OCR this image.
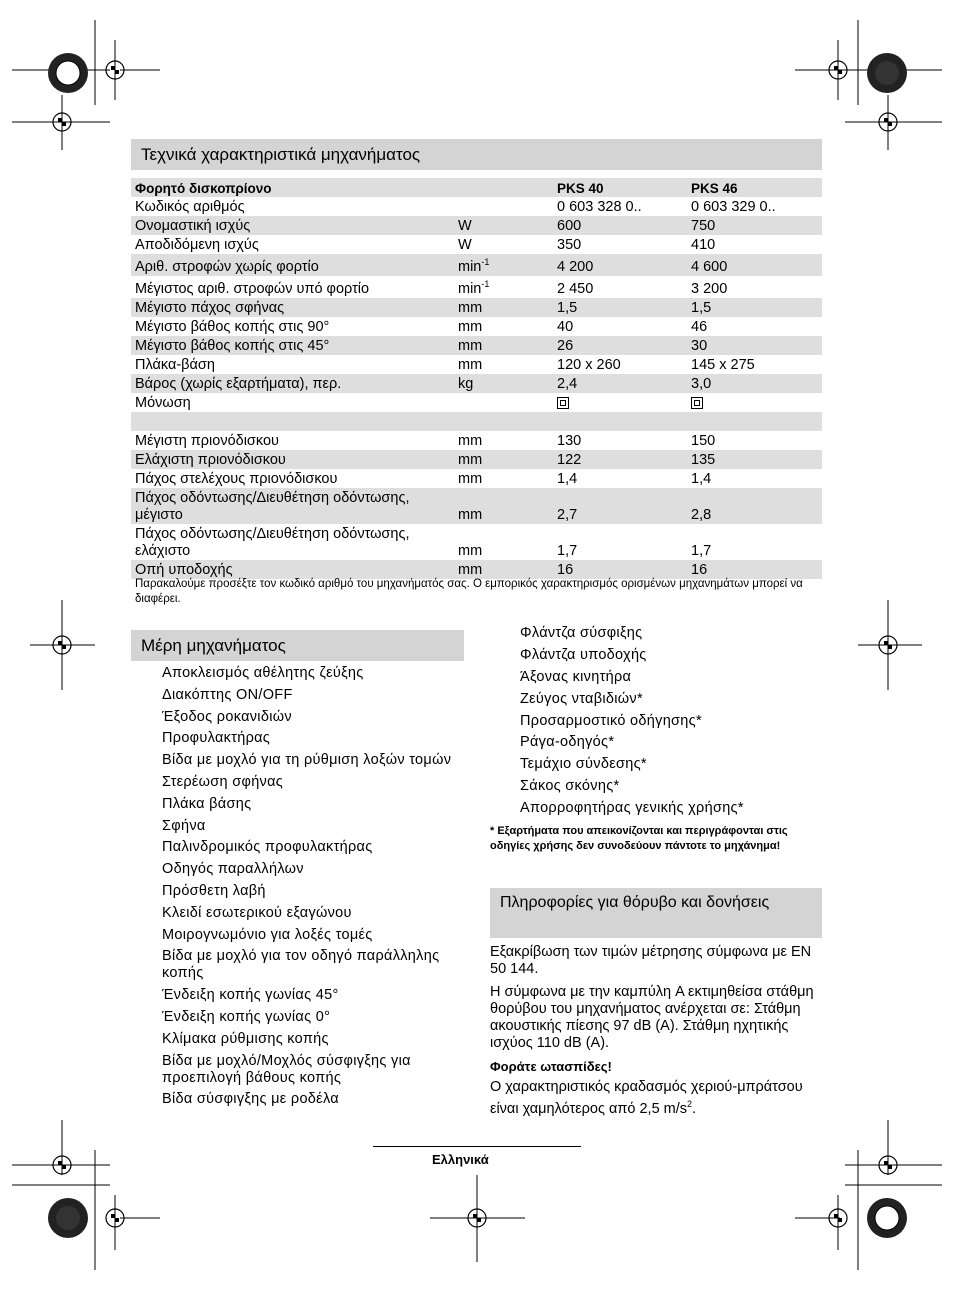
Τεχνικά χαρακτηριστικά μηχανήματος
Φορητό δισκοπρίονο		PKS 40	PKS 46
Κωδικός αριθμός		0 603 328 0..	0 603 329 0..
Ονομαστική ισχύς	W	600	750
Αποδιδόμενη ισχύς	W	350	410
Αριθ. στροφών χωρίς φορτίο	$\min^{-1}$	4 200	4 600
Μέγιστος αριθ. στροφών υπό φορτίο	$\min^{-1}$	2 450	3 200
Μέγιστο πάχος σφήνας	mm	1,5	1,5
Μέγιστο βάθος κοπής στις 90°	mm	40	46
Μέγιστο βάθος κοπής στις 45°	mm	26	30
Πλάκα-βάση	mm	120 x 260	145 x 275
Βάρος (χωρίς εξαρτήματα), περ.	kg	2,4	3,0
Μόνωση			

Μέγιστη πριονόδισκου	mm	130	150
Ελάχιστη πριονόδισκου	mm	122	135
Πάχος στελέχους πριονόδισκου	mm	1,4	1,4
Πάχος οδόντωσης/Διευθέτηση οδόντωσης, μέγιστο	mm	2,7	2,8
Πάχος οδόντωσης/Διευθέτηση οδόντωσης, ελάχιστο	mm	1,7	1,7
Οπή υποδοχής	mm	16	16
Παρακαλούμε προσέξτε τον κωδικό αριθμό του μηχανήματός σας. Ο εμπορικός χαρακτηρισμός ορισμένων μηχανημάτων μπορεί να διαφέρει.
Μέρη μηχανήματος
Αποκλεισμός αθέλητης ζεύξης
Διακόπτης ON/OFF
Έξοδος ροκανιδιών
Προφυλακτήρας
Βίδα με μοχλό για τη ρύθμιση λοξών τομών
Στερέωση σφήνας
Πλάκα βάσης
Σφήνα
Παλινδρομικός προφυλακτήρας
Οδηγός παραλλήλων
Πρόσθετη λαβή
Κλειδί εσωτερικού εξαγώνου
Μοιρογνωμόνιο για λοξές τομές
Βίδα με μοχλό για τον οδηγό παράλληλης κοπής
Ένδειξη κοπής γωνίας 45°
Ένδειξη κοπής γωνίας 0°
Κλίμακα ρύθμισης κοπής
Βίδα με μοχλό/Μοχλός σύσφιγξης για προεπιλογή βάθους κοπής
Βίδα σύσφιγξης με ροδέλα
Φλάντζα σύσφιξης
Φλάντζα υποδοχής
Άξονας κινητήρα
Ζεύγος νταβιδιών*
Προσαρμοστικό οδήγησης*
Ράγα-οδηγός*
Τεμάχιο σύνδεσης*
Σάκος σκόνης*
Απορροφητήρας γενικής χρήσης*
* Εξαρτήματα που απεικονίζονται και περιγράφονται στις οδηγίες χρήσης δεν συνοδεύουν πάντοτε το μηχάνημα!
Πληροφορίες για θόρυβο και δονήσεις

Εξακρίβωση των τιμών μέτρησης σύμφωνα με EN 50 144.

Η σύμφωνα με την καμπύλη A εκτιμηθείσα στάθμη θορύβου του μηχανήματος ανέρχεται σε: Στάθμη ακουστικής πίεσης 97 dB (A). Στάθμη ηχητικής ισχύος 110 dB (A).

Φοράτε ωτασπίδες!

Ο χαρακτηριστικός κραδασμός χεριού-μπράτσου είναι χαμηλότερος από 2,5 $m/s^2$.

Ελληνικά
